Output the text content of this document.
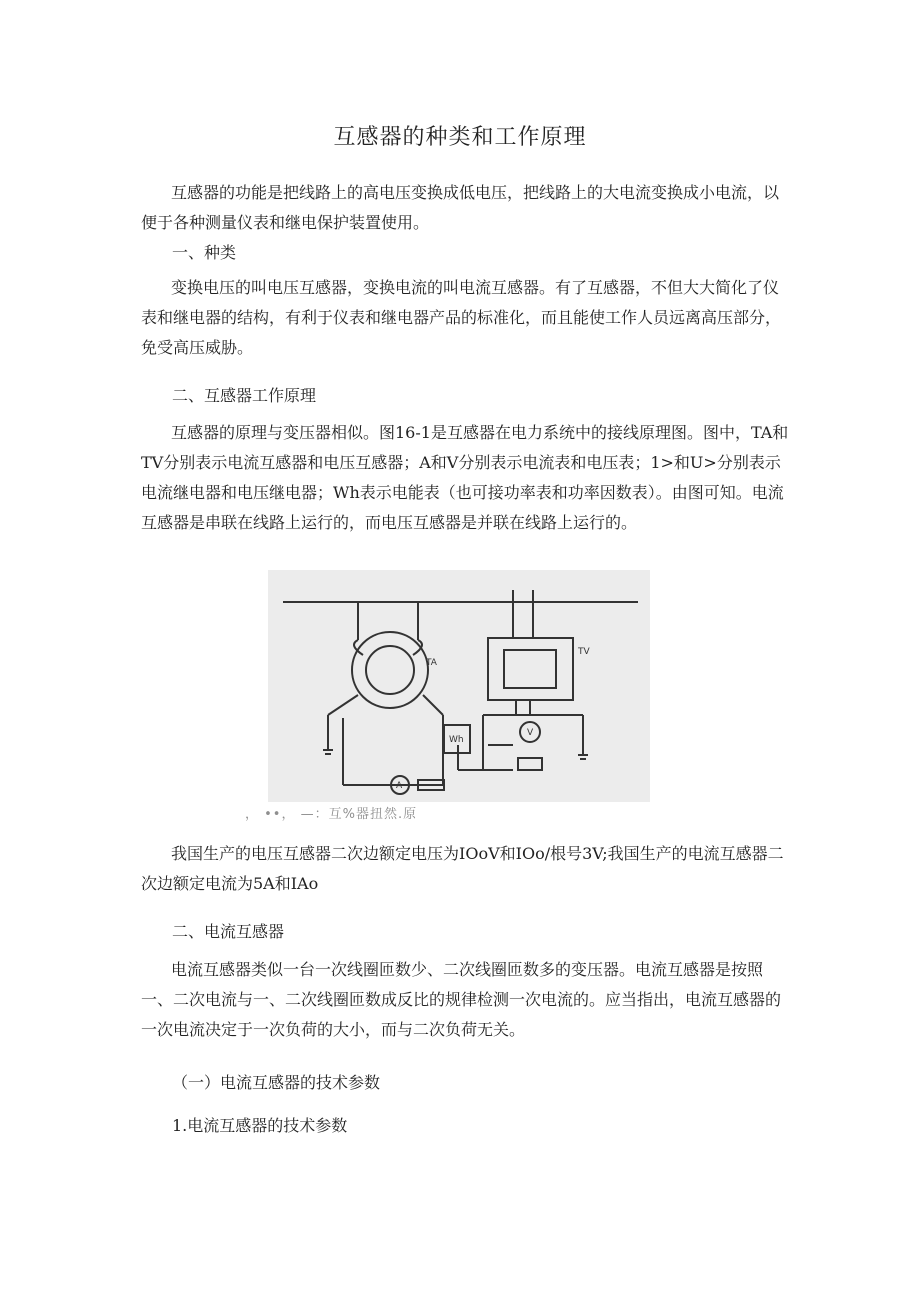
互感器的种类和工作原理

互感器的功能是把线路上的高电压变换成低电压，把线路上的大电流变换成小电流，以便于各种测量仪表和继电保护装置使用。

一、种类

变换电压的叫电压互感器，变换电流的叫电流互感器。有了互感器，不但大大简化了仪表和继电器的结构，有利于仪表和继电器产品的标准化，而且能使工作人员远离高压部分，免受高压威胁。

二、互感器工作原理

互感器的原理与变压器相似。图16-1是互感器在电力系统中的接线原理图。图中，TA和TV分别表示电流互感器和电压互感器；A和V分别表示电流表和电压表；1>和U>分别表示电流继电器和电压继电器；Wh表示电能表（也可接功率表和功率因数表）。由图可知。电流互感器是串联在线路上运行的，而电压互感器是并联在线路上运行的。

TA
TV
Wh
A
V
， ••， —：互%器扭然.原

我国生产的电压互感器二次边额定电压为IOoV和IOo/根号3V;我国生产的电流互感器二次边额定电流为5A和IAo

二、电流互感器

电流互感器类似一台一次线圈匝数少、二次线圈匝数多的变压器。电流互感器是按照一、二次电流与一、二次线圈匝数成反比的规律检测一次电流的。应当指出，电流互感器的一次电流决定于一次负荷的大小，而与二次负荷无关。

（一）电流互感器的技术参数

1.电流互感器的技术参数
